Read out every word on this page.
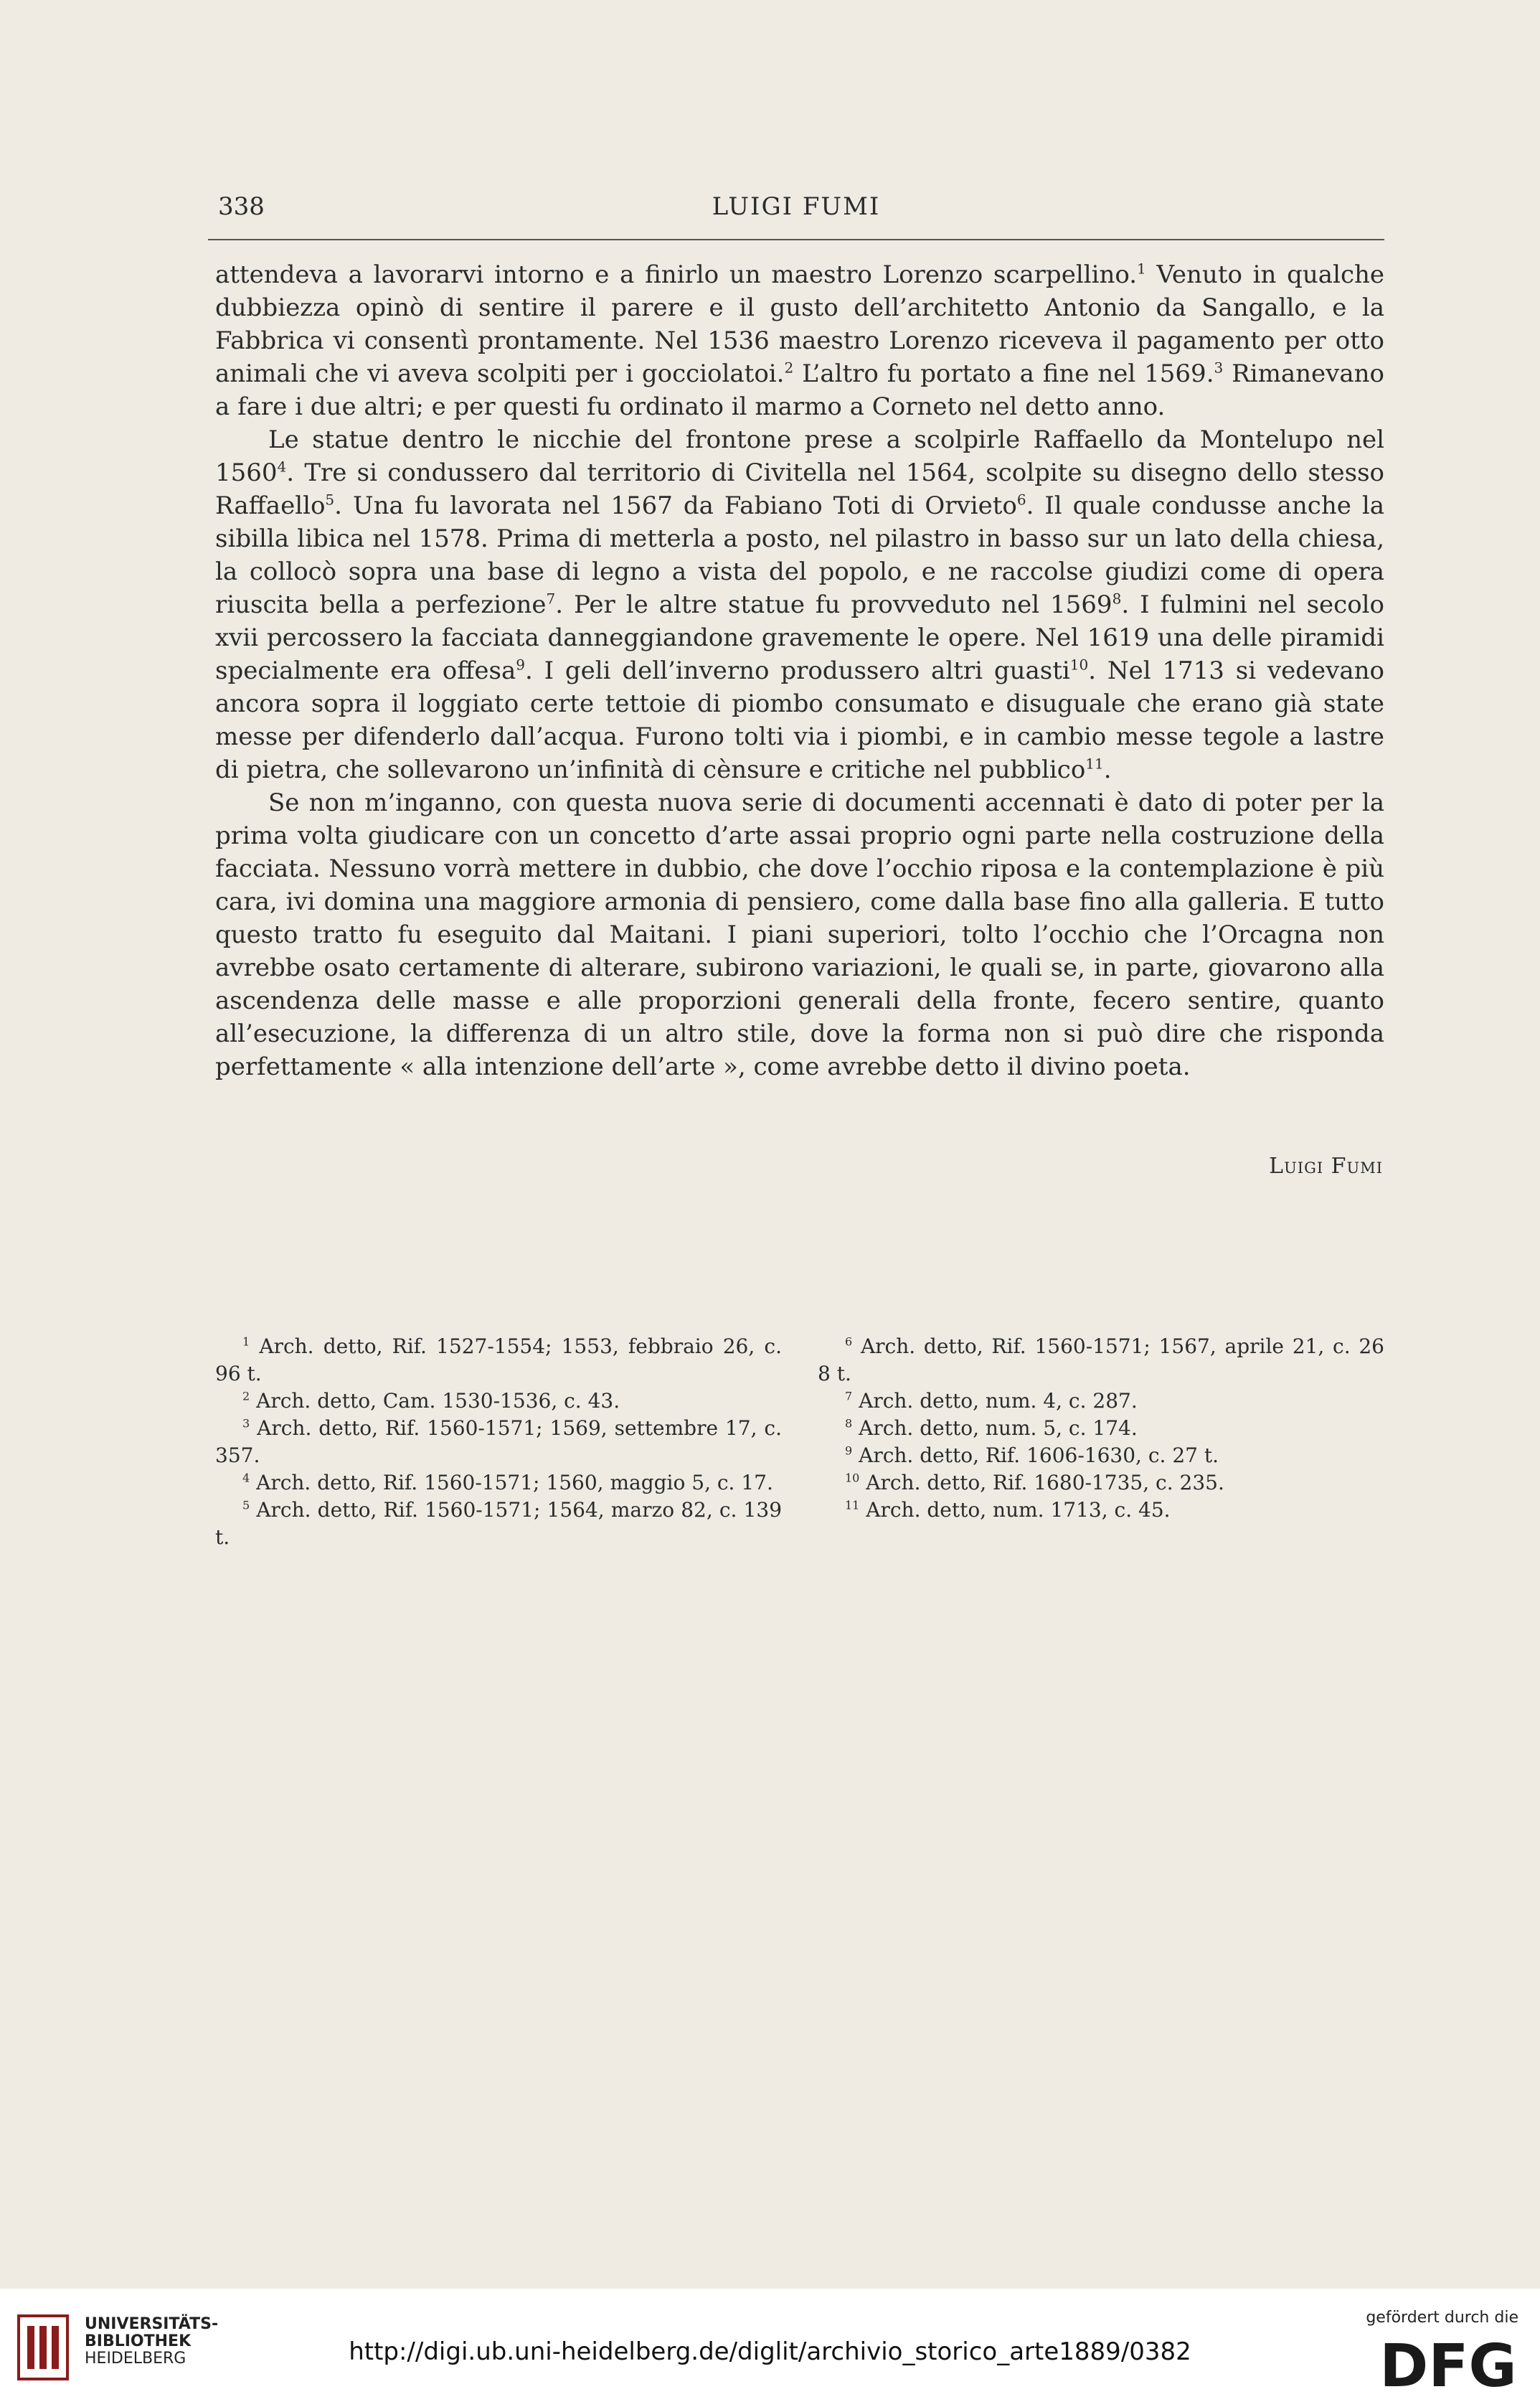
338	LUIGI FUMI

attendeva a lavorarvi intorno e a finirlo un maestro Lorenzo scarpellino.$^1$ Venuto in qualche dubbiezza opinò di sentire il parere e il gusto dell’architetto Antonio da Sangallo, e la Fabbrica vi consentì prontamente. Nel 1536 maestro Lorenzo riceveva il pagamento per otto animali che vi aveva scolpiti per i gocciolatoi.$^2$ L’altro fu portato a fine nel 1569.$^3$ Rimanevano a fare i due altri; e per questi fu ordinato il marmo a Corneto nel detto anno.

Le statue dentro le nicchie del frontone prese a scolpirle Raffaello da Montelupo nel 1560$^4$. Tre si condussero dal territorio di Civitella nel 1564, scolpite su disegno dello stesso Raffaello$^5$. Una fu lavorata nel 1567 da Fabiano Toti di Orvieto$^6$. Il quale condusse anche la sibilla libica nel 1578. Prima di metterla a posto, nel pilastro in basso sur un lato della chiesa, la collocò sopra una base di legno a vista del popolo, e ne raccolse giudizi come di opera riuscita bella a perfezione$^7$. Per le altre statue fu provveduto nel 1569$^8$. I fulmini nel secolo xvii percossero la facciata danneggiandone gravemente le opere. Nel 1619 una delle piramidi specialmente era offesa$^9$. I geli dell’inverno produssero altri guasti$^{10}$. Nel 1713 si vedevano ancora sopra il loggiato certe tettoie di piombo consumato e disuguale che erano già state messe per difenderlo dall’acqua. Furono tolti via i piombi, e in cambio messe tegole a lastre di pietra, che sollevarono un’infinità di cènsure e critiche nel pubblico$^{11}$.

Se non m’inganno, con questa nuova serie di documenti accennati è dato di poter per la prima volta giudicare con un concetto d’arte assai proprio ogni parte nella costruzione della facciata. Nessuno vorrà mettere in dubbio, che dove l’occhio riposa e la contemplazione è più cara, ivi domina una maggiore armonia di pensiero, come dalla base fino alla galleria. E tutto questo tratto fu eseguito dal Maitani. I piani superiori, tolto l’occhio che l’Orcagna non avrebbe osato certamente di alterare, subirono variazioni, le quali se, in parte, giovarono alla ascendenza delle masse e alle proporzioni generali della fronte, fecero sentire, quanto all’esecuzione, la differenza di un altro stile, dove la forma non si può dire che risponda perfettamente « alla intenzione dell’arte », come avrebbe detto il divino poeta.

Luigi Fumi

$^1$ Arch. detto, Rif. 1527-1554; 1553, febbraio 26, c. 96 t.

$^2$ Arch. detto, Cam. 1530-1536, c. 43.

$^3$ Arch. detto, Rif. 1560-1571; 1569, settembre 17, c. 357.

$^4$ Arch. detto, Rif. 1560-1571; 1560, maggio 5, c. 17.

$^5$ Arch. detto, Rif. 1560-1571; 1564, marzo 82, c. 139 t.

$^6$ Arch. detto, Rif. 1560-1571; 1567, aprile 21, c. 26 8 t.

$^7$ Arch. detto, num. 4, c. 287.

$^8$ Arch. detto, num. 5, c. 174.

$^9$ Arch. detto, Rif. 1606-1630, c. 27 t.

$^{10}$ Arch. detto, Rif. 1680-1735, c. 235.

$^{11}$ Arch. detto, num. 1713, c. 45.

UNIVERSITÄTS-
BIBLIOTHEK
HEIDELBERG	http://digi.ub.uni-heidelberg.de/diglit/archivio_storico_arte1889/0382
gefördert durch die
DFG
